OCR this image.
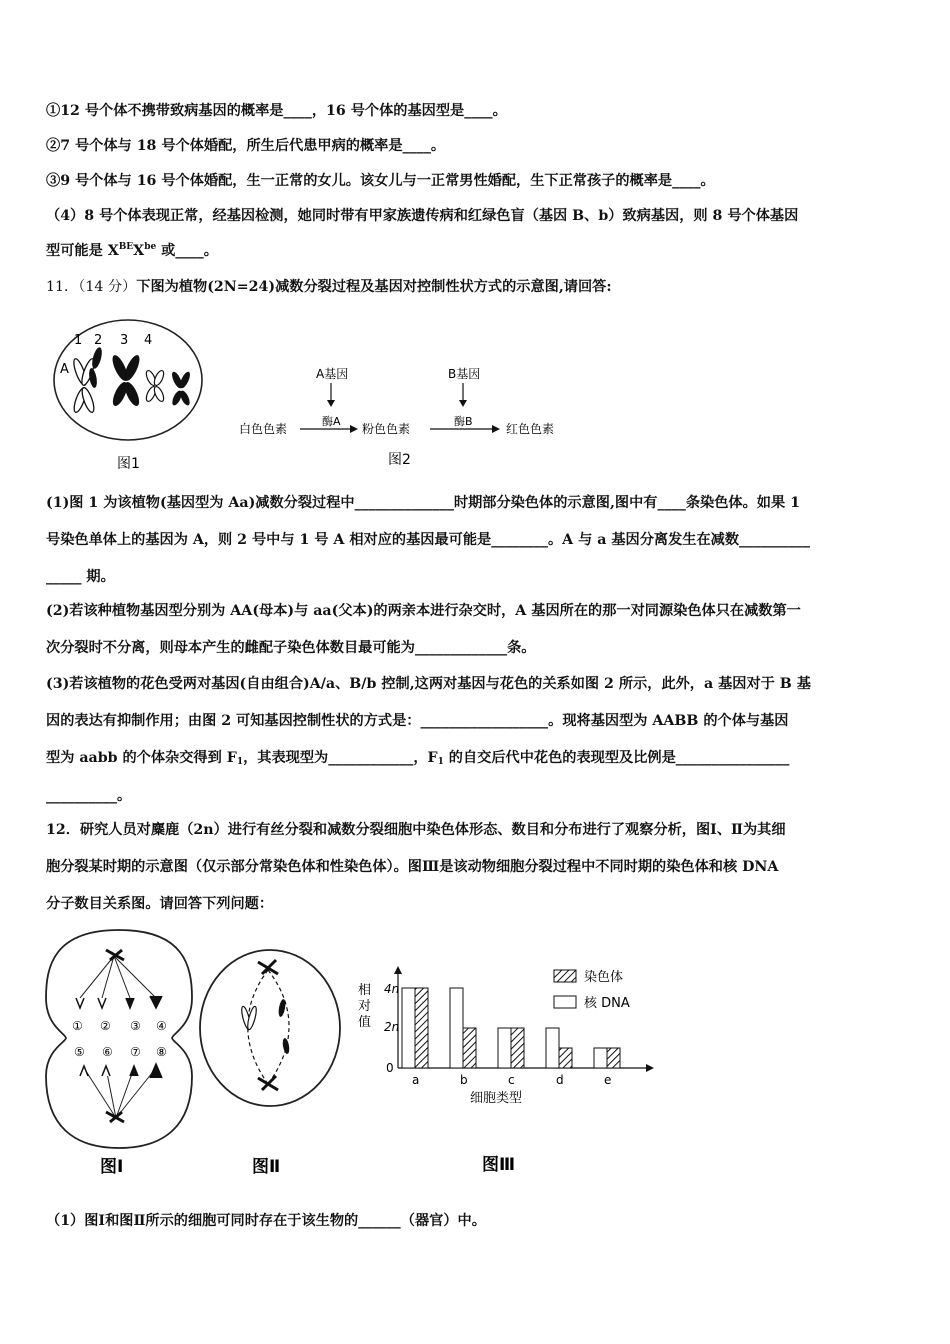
①12 号个体不携带致病基因的概率是____，16 号个体的基因型是____。
②7 号个体与 18 号个体婚配，所生后代患甲病的概率是____。
③9 号个体与 16 号个体婚配，生一正常的女儿。该女儿与一正常男性婚配，生下正常孩子的概率是____。
（4）8 号个体表现正常，经基因检测，她同时带有甲家族遗传病和红绿色盲（基因 B、b）致病基因，则 8 号个体基因
型可能是 $X^{BE}X^{be}$ 或____。
11．（14 分）下图为植物(2N=24)减数分裂过程及基因对控制性状方式的示意图,请回答:
1 2 3 4
A
图1
A基因	B基因
白色色素
酶A
粉色色素
酶B
红色色素
图2
(1)图 1 为该植物(基因型为 Aa)减数分裂过程中______________时期部分染色体的示意图,图中有____条染色体。如果 1
号染色单体上的基因为 A，则 2 号中与 1 号 A 相对应的基因最可能是________。A 与 a 基因分离发生在减数__________
_____ 期。
(2)若该种植物基因型分别为 AA(母本)与 aa(父本)的两亲本进行杂交时，A 基因所在的那一对同源染色体只在减数第一
次分裂时不分离，则母本产生的雌配子染色体数目最可能为_____________条。
(3)若该植物的花色受两对基因(自由组合)A/a、B/b 控制,这两对基因与花色的关系如图 2 所示，此外，a 基因对于 B 基
因的表达有抑制作用；由图 2 可知基因控制性状的方式是：__________________。现将基因型为 AABB 的个体与基因
型为 aabb 的个体杂交得到 $F_1$，其表现型为____________，$F_1$ 的自交后代中花色的表现型及比例是________________
__________。
12．研究人员对麋鹿（2n）进行有丝分裂和减数分裂细胞中染色体形态、数目和分布进行了观察分析，图Ⅰ、Ⅱ为其细
胞分裂某时期的示意图（仅示部分常染色体和性染色体）。图Ⅲ是该动物细胞分裂过程中不同时期的染色体和核 DNA
分子数目关系图。请回答下列问题：
① ② ③ ④
⑤ ⑥ ⑦ ⑧
图Ⅰ	图Ⅱ
相
对
值
4n
2n
0
a	b	c	d	e
细胞类型
染色体
核 DNA
图Ⅲ
（1）图Ⅰ和图Ⅱ所示的细胞可同时存在于该生物的______（器官）中。
